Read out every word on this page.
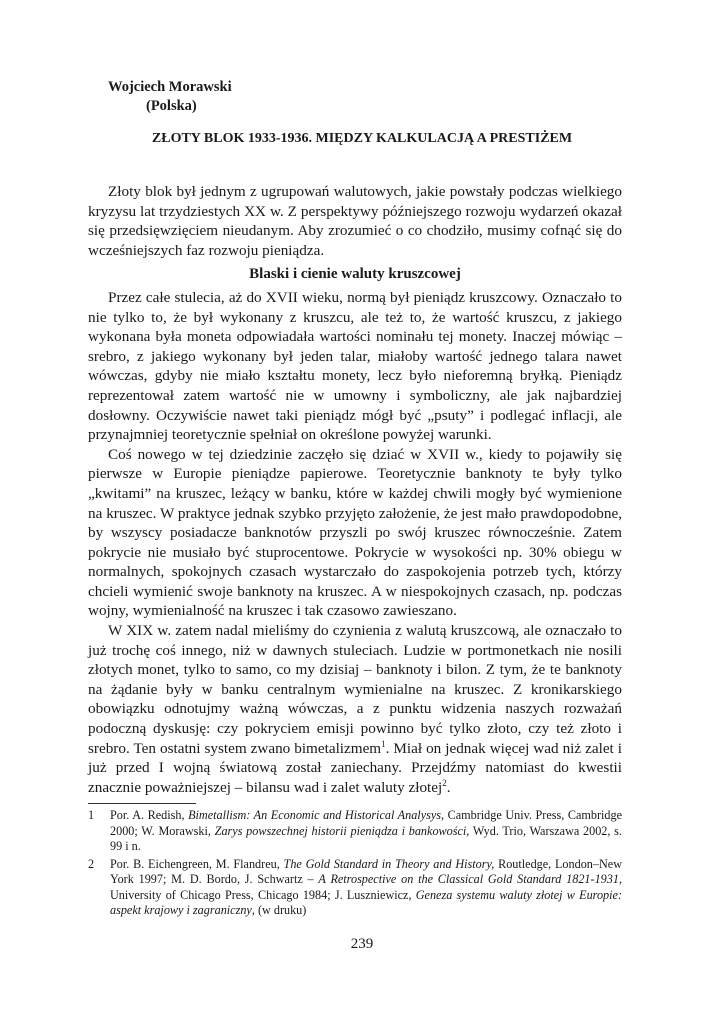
Wojciech Morawski
(Polska)
ZŁOTY BLOK 1933-1936. MIĘDZY KALKULACJĄ A PRESTIŻEM

Złoty blok był jednym z ugrupowań walutowych, jakie powstały podczas wielkiego kryzysu lat trzydziestych XX w. Z perspektywy późniejszego rozwoju wydarzeń okazał się przedsięwzięciem nieudanym. Aby zrozumieć o co chodziło, musimy cofnąć się do wcześniejszych faz rozwoju pieniądza.

Blaski i cienie waluty kruszcowej

Przez całe stulecia, aż do XVII wieku, normą był pieniądz kruszcowy. Oznaczało to nie tylko to, że był wykonany z kruszcu, ale też to, że wartość kruszcu, z jakiego wykonana była moneta odpowiadała wartości nominału tej monety. Inaczej mówiąc – srebro, z jakiego wykonany był jeden talar, miałoby wartość jednego talara nawet wówczas, gdyby nie miało kształtu monety, lecz było nieforemną bryłką. Pieniądz reprezentował zatem wartość nie w umowny i symboliczny, ale jak najbardziej dosłowny. Oczywiście nawet taki pieniądz mógł być „psuty” i podlegać inflacji, ale przynajmniej teoretycznie spełniał on określone powyżej warunki.

Coś nowego w tej dziedzinie zaczęło się dziać w XVII w., kiedy to pojawiły się pierwsze w Europie pieniądze papierowe. Teoretycznie banknoty te były tylko „kwitami” na kruszec, leżący w banku, które w każdej chwili mogły być wymienione na kruszec. W praktyce jednak szybko przyjęto założenie, że jest mało prawdopodobne, by wszyscy posiadacze banknotów przyszli po swój kruszec równocześnie. Zatem pokrycie nie musiało być stuprocentowe. Pokrycie w wysokości np. 30% obiegu w normalnych, spokojnych czasach wystarczało do zaspokojenia potrzeb tych, którzy chcieli wymienić swoje banknoty na kruszec. A w niespokojnych czasach, np. podczas wojny, wymienialność na kruszec i tak czasowo zawieszano.

W XIX w. zatem nadal mieliśmy do czynienia z walutą kruszcową, ale oznaczało to już trochę coś innego, niż w dawnych stuleciach. Ludzie w portmonetkach nie nosili złotych monet, tylko to samo, co my dzisiaj – banknoty i bilon. Z tym, że te banknoty na żądanie były w banku centralnym wymienialne na kruszec. Z kronikarskiego obowiązku odnotujmy ważną wówczas, a z punktu widzenia naszych rozważań podoczną dyskusję: czy pokryciem emisji powinno być tylko złoto, czy też złoto i srebro. Ten ostatni system zwano bimetalizmem$^1$. Miał on jednak więcej wad niż zalet i już przed I wojną światową został zaniechany. Przejdźmy natomiast do kwestii znacznie poważniejszej – bilansu wad i zalet waluty złotej$^2$.

1	Por. A. Redish, Bimetallism: An Economic and Historical Analysys, Cambridge Univ. Press, Cambridge 2000; W. Morawski, Zarys powszechnej historii pieniądza i bankowości, Wyd. Trio, Warszawa 2002, s. 99 i n.
2	Por. B. Eichengreen, M. Flandreu, The Gold Standard in Theory and History, Routledge, London–New York 1997; M. D. Bordo, J. Schwartz – A Retrospective on the Classical Gold Standard 1821-1931, University of Chicago Press, Chicago 1984; J. Luszniewicz, Geneza systemu waluty złotej w Europie: aspekt krajowy i zagraniczny, (w druku)
239
